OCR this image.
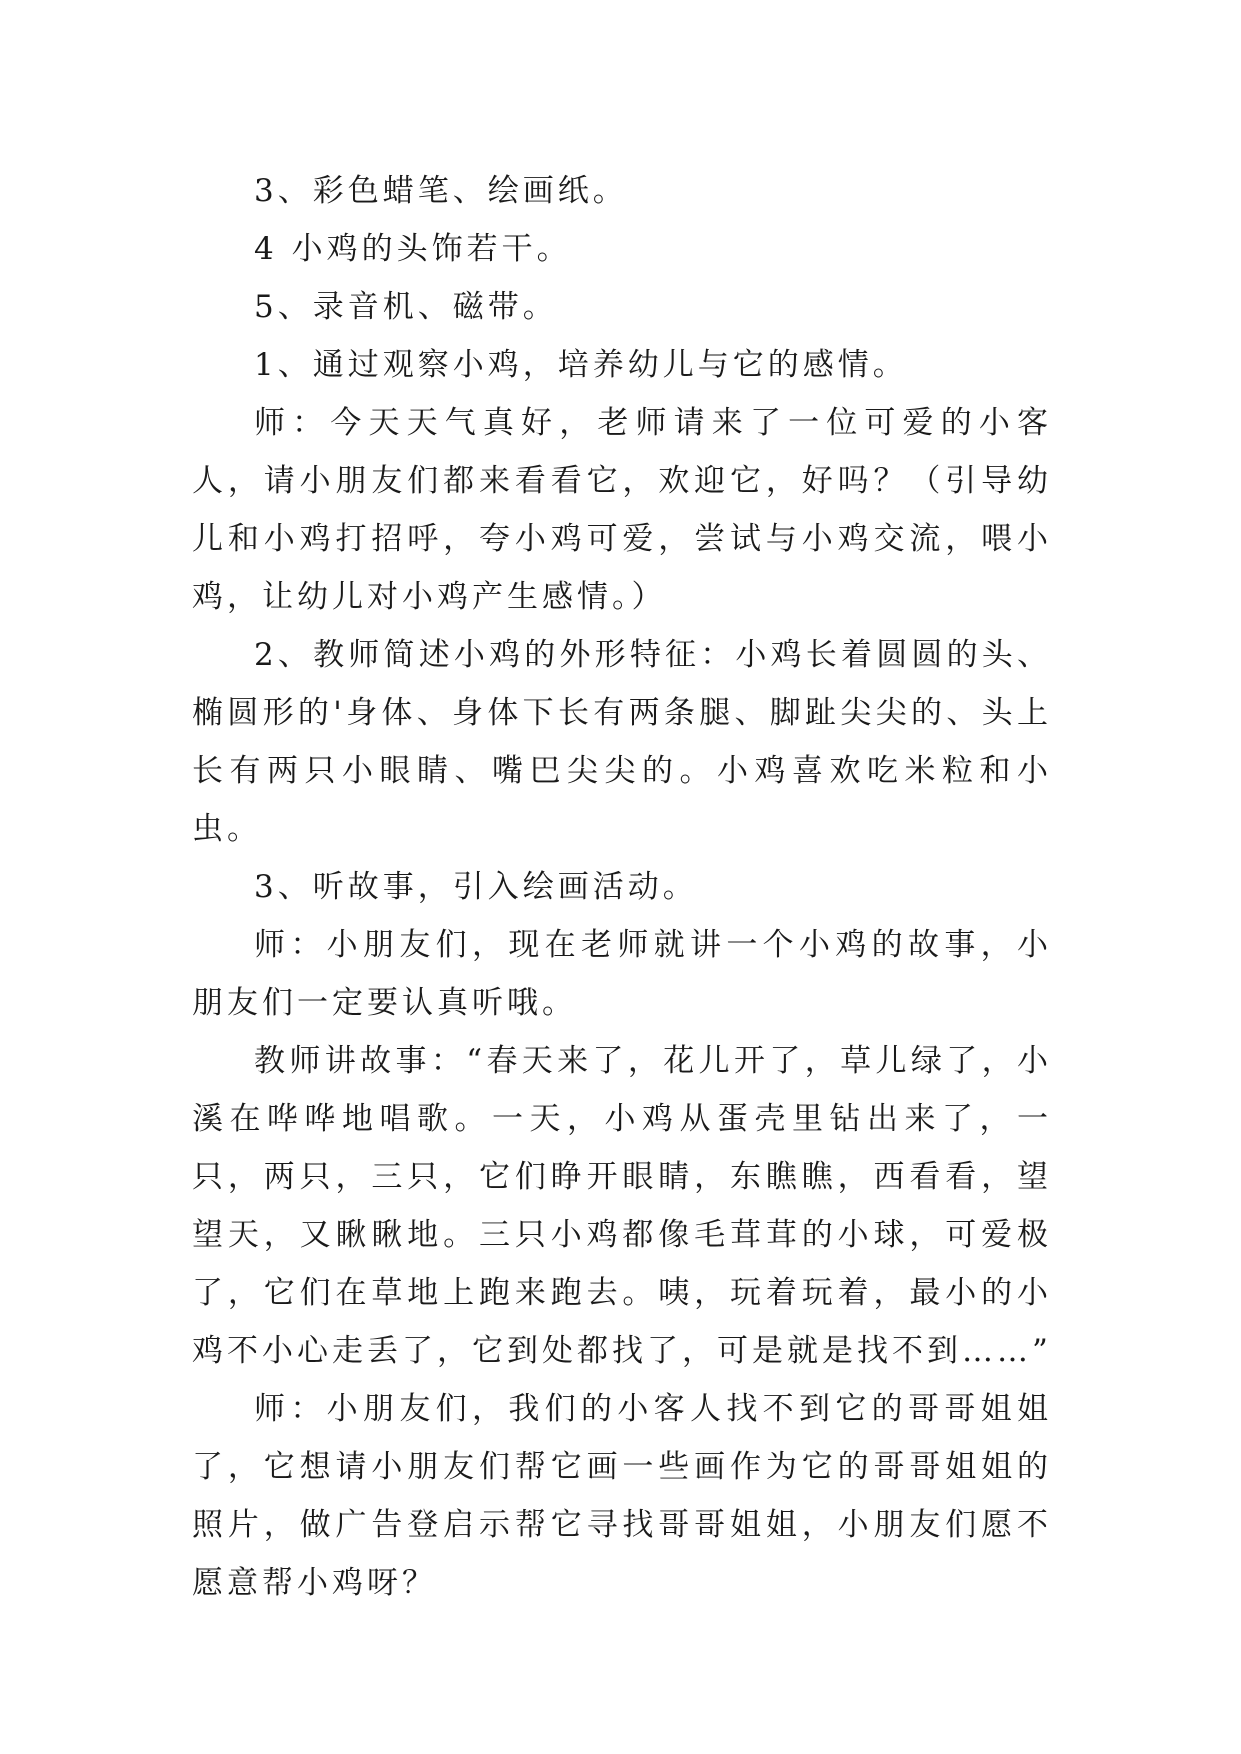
3、彩色蜡笔、绘画纸。

4 小鸡的头饰若干。

5、录音机、磁带。

1、通过观察小鸡，培养幼儿与它的感情。

师：今天天气真好，老师请来了一位可爱的小客人，请小朋友们都来看看它，欢迎它，好吗？（引导幼儿和小鸡打招呼，夸小鸡可爱，尝试与小鸡交流，喂小鸡，让幼儿对小鸡产生感情。）

2、教师简述小鸡的外形特征：小鸡长着圆圆的头、椭圆形的'身体、身体下长有两条腿、脚趾尖尖的、头上长有两只小眼睛、嘴巴尖尖的。小鸡喜欢吃米粒和小虫。

3、听故事，引入绘画活动。

师：小朋友们，现在老师就讲一个小鸡的故事，小朋友们一定要认真听哦。

教师讲故事：“春天来了，花儿开了，草儿绿了，小溪在哗哗地唱歌。一天，小鸡从蛋壳里钻出来了，一只，两只，三只，它们睁开眼睛，东瞧瞧，西看看，望望天，又瞅瞅地。三只小鸡都像毛茸茸的小球，可爱极了，它们在草地上跑来跑去。咦，玩着玩着，最小的小鸡不小心走丢了，它到处都找了，可是就是找不到……”

师：小朋友们，我们的小客人找不到它的哥哥姐姐了，它想请小朋友们帮它画一些画作为它的哥哥姐姐的照片，做广告登启示帮它寻找哥哥姐姐，小朋友们愿不愿意帮小鸡呀？
